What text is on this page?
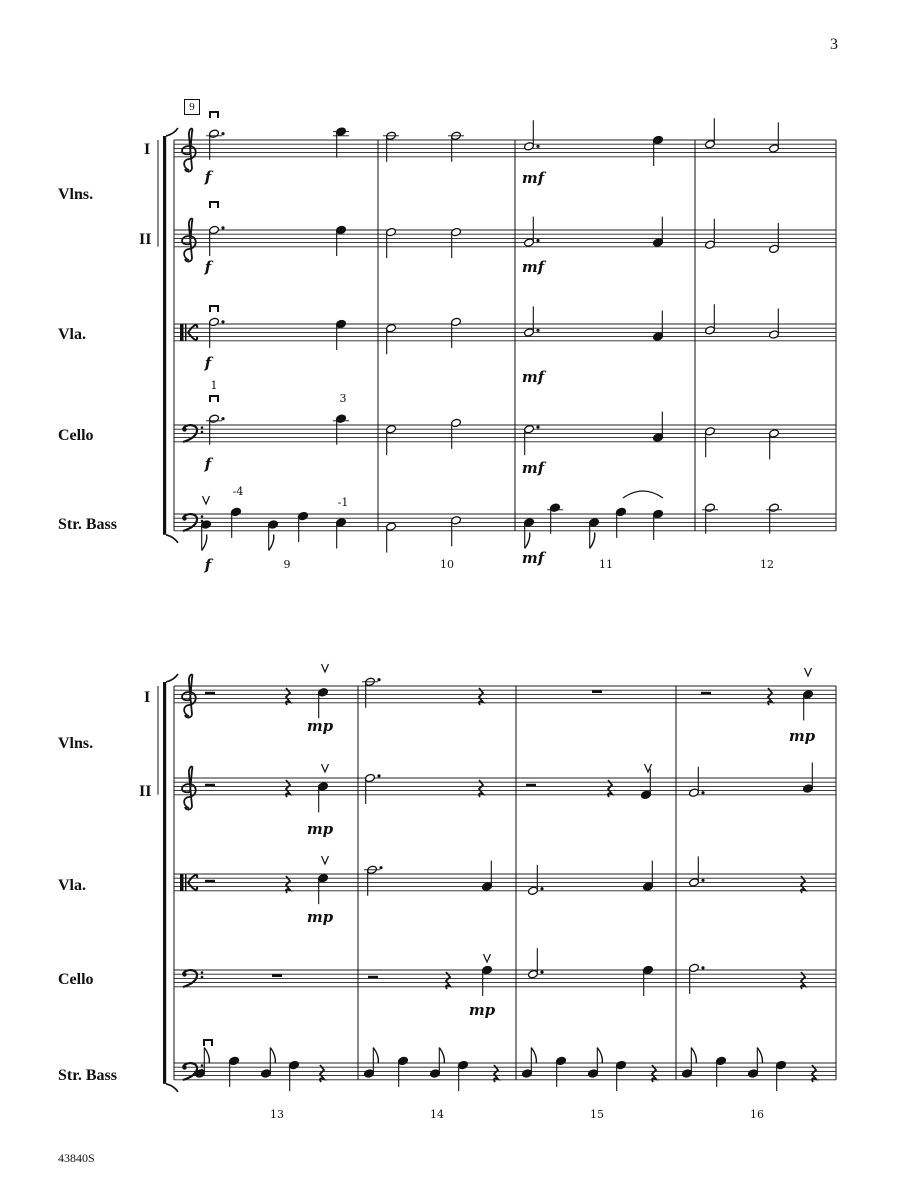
3
9
Vlns.
I
II
Vla.
Cello
Str. Bass
Vlns.
I
II
Vla.
Cello
Str. Bass
f	mf
f	mf
f
mf
1
3
f	mf
-4
-1
f	mf
9	10	11	12
mp
mp
mp
mp
mp
13	14	15	16
43840S
